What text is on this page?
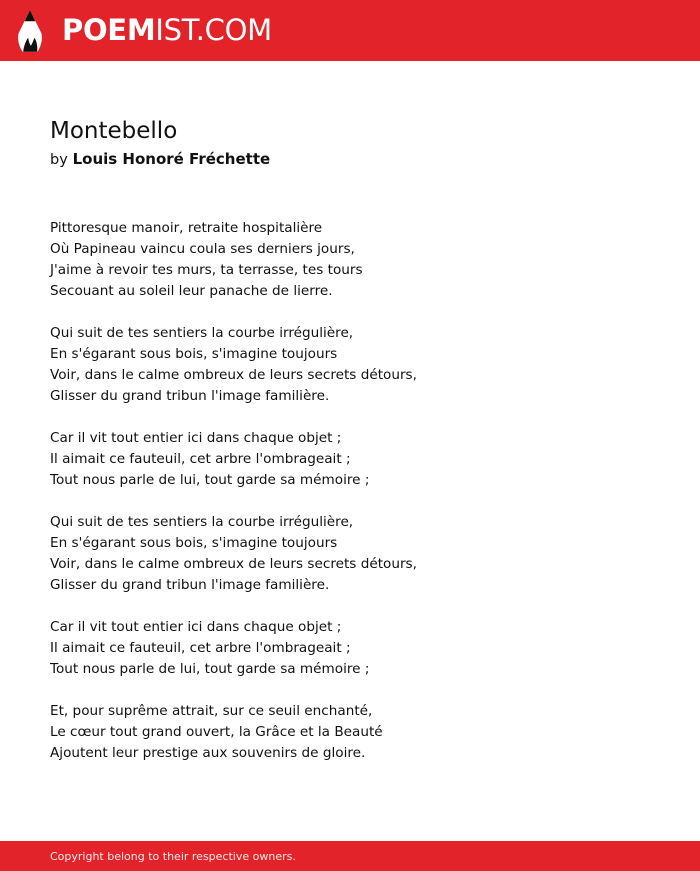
POEMIST.COM
Montebello
by Louis Honoré Fréchette
Pittoresque manoir, retraite hospitalière
Où Papineau vaincu coula ses derniers jours,
J'aime à revoir tes murs, ta terrasse, tes tours
Secouant au soleil leur panache de lierre.
Qui suit de tes sentiers la courbe irrégulière,
En s'égarant sous bois, s'imagine toujours
Voir, dans le calme ombreux de leurs secrets détours,
Glisser du grand tribun l'image familière.
Car il vit tout entier ici dans chaque objet ;
Il aimait ce fauteuil, cet arbre l'ombrageait ;
Tout nous parle de lui, tout garde sa mémoire ;
Qui suit de tes sentiers la courbe irrégulière,
En s'égarant sous bois, s'imagine toujours
Voir, dans le calme ombreux de leurs secrets détours,
Glisser du grand tribun l'image familière.
Car il vit tout entier ici dans chaque objet ;
Il aimait ce fauteuil, cet arbre l'ombrageait ;
Tout nous parle de lui, tout garde sa mémoire ;
Et, pour suprême attrait, sur ce seuil enchanté,
Le cœur tout grand ouvert, la Grâce et la Beauté
Ajoutent leur prestige aux souvenirs de gloire.
Copyright belong to their respective owners.
